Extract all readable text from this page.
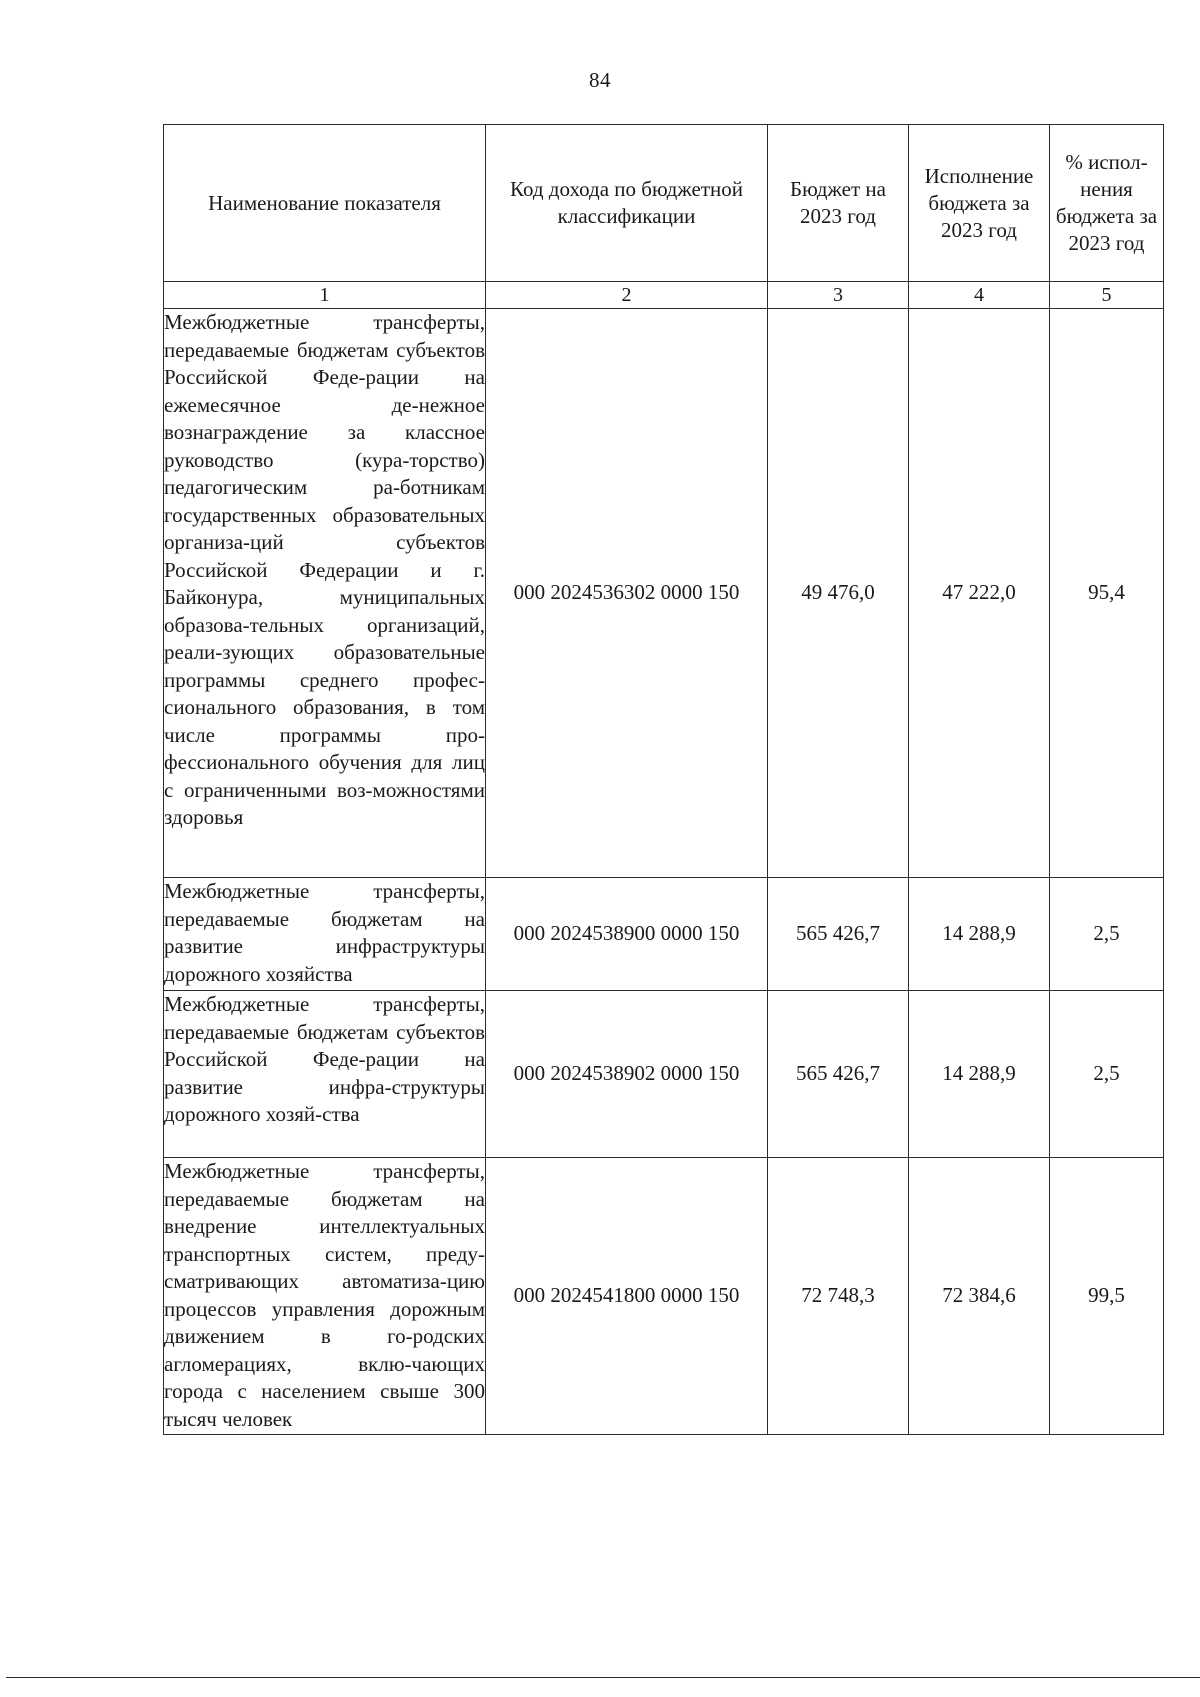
84
Наименование показателя	Код дохода по бюджетной классификации	Бюджет на 2023 год	Исполнение бюджета за 2023 год	% испол-нения бюджета за 2023 год
1	2	3	4	5
Межбюджетные трансферты, передаваемые бюджетам субъектов Российской Феде-рации на ежемесячное де-нежное вознаграждение за классное руководство (кура-торство) педагогическим ра-ботникам государственных образовательных организа-ций субъектов Российской Федерации и г. Байконура, муниципальных образова-тельных организаций, реали-зующих образовательные программы среднего профес-сионального образования, в том числе программы про-фессионального обучения для лиц с ограниченными воз-можностями здоровья	000 2024536302 0000 150	49 476,0	47 222,0	95,4
Межбюджетные трансферты, передаваемые бюджетам на развитие инфраструктуры дорожного хозяйства	000 2024538900 0000 150	565 426,7	14 288,9	2,5
Межбюджетные трансферты, передаваемые бюджетам субъектов Российской Феде-рации на развитие инфра-структуры дорожного хозяй-ства	000 2024538902 0000 150	565 426,7	14 288,9	2,5
Межбюджетные трансферты, передаваемые бюджетам на внедрение интеллектуальных транспортных систем, преду-сматривающих автоматиза-цию процессов управления дорожным движением в го-родских агломерациях, вклю-чающих города с населением свыше 300 тысяч человек	000 2024541800 0000 150	72 748,3	72 384,6	99,5
